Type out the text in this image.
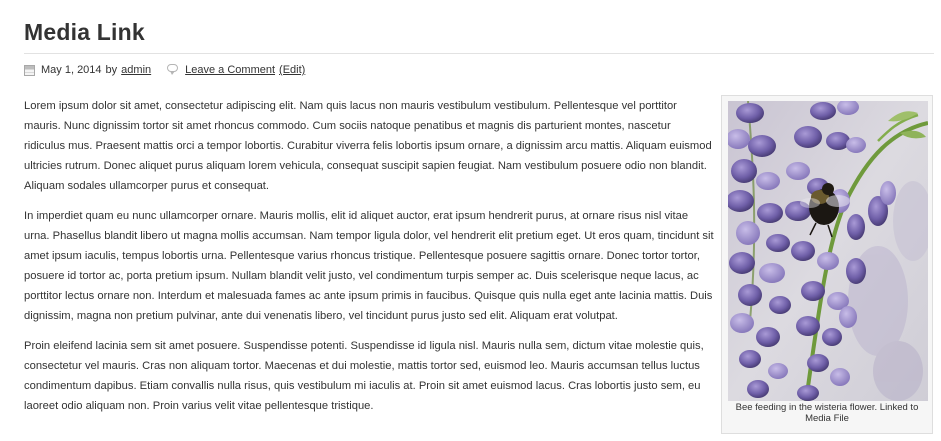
Media Link
May 1, 2014 by admin	Leave a Comment (Edit)

Lorem ipsum dolor sit amet, consectetur adipiscing elit. Nam quis lacus non mauris vestibulum vestibulum. Pellentesque vel porttitor mauris. Nunc dignissim tortor sit amet rhoncus commodo. Cum sociis natoque penatibus et magnis dis parturient montes, nascetur ridiculus mus. Praesent mattis orci a tempor lobortis. Curabitur viverra felis lobortis ipsum ornare, a dignissim arcu mattis. Aliquam euismod ultricies rutrum. Donec aliquet purus aliquam lorem vehicula, consequat suscipit sapien feugiat. Nam vestibulum posuere odio non blandit. Aliquam sodales ullamcorper purus et consequat.

In imperdiet quam eu nunc ullamcorper ornare. Mauris mollis, elit id aliquet auctor, erat ipsum hendrerit purus, at ornare risus nisl vitae urna. Phasellus blandit libero ut magna mollis accumsan. Nam tempor ligula dolor, vel hendrerit elit pretium eget. Ut eros quam, tincidunt sit amet ipsum iaculis, tempus lobortis urna. Pellentesque varius rhoncus tristique. Pellentesque posuere sagittis ornare. Donec tortor tortor, posuere id tortor ac, porta pretium ipsum. Nullam blandit velit justo, vel condimentum turpis semper ac. Duis scelerisque neque lacus, ac porttitor lectus ornare non. Interdum et malesuada fames ac ante ipsum primis in faucibus. Quisque quis nulla eget ante lacinia mattis. Duis dignissim, magna non pretium pulvinar, ante dui venenatis libero, vel tincidunt purus justo sed elit. Aliquam erat volutpat.

Proin eleifend lacinia sem sit amet posuere. Suspendisse potenti. Suspendisse id ligula nisl. Mauris nulla sem, dictum vitae molestie quis, consectetur vel mauris. Cras non aliquam tortor. Maecenas et dui molestie, mattis tortor sed, euismod leo. Mauris accumsan tellus luctus condimentum dapibus. Etiam convallis nulla risus, quis vestibulum mi iaculis at. Proin sit amet euismod lacus. Cras lobortis justo sem, eu laoreet odio aliquam non. Proin varius velit vitae pellentesque tristique.	Bee feeding in the wisteria flower. Linked to Media File
